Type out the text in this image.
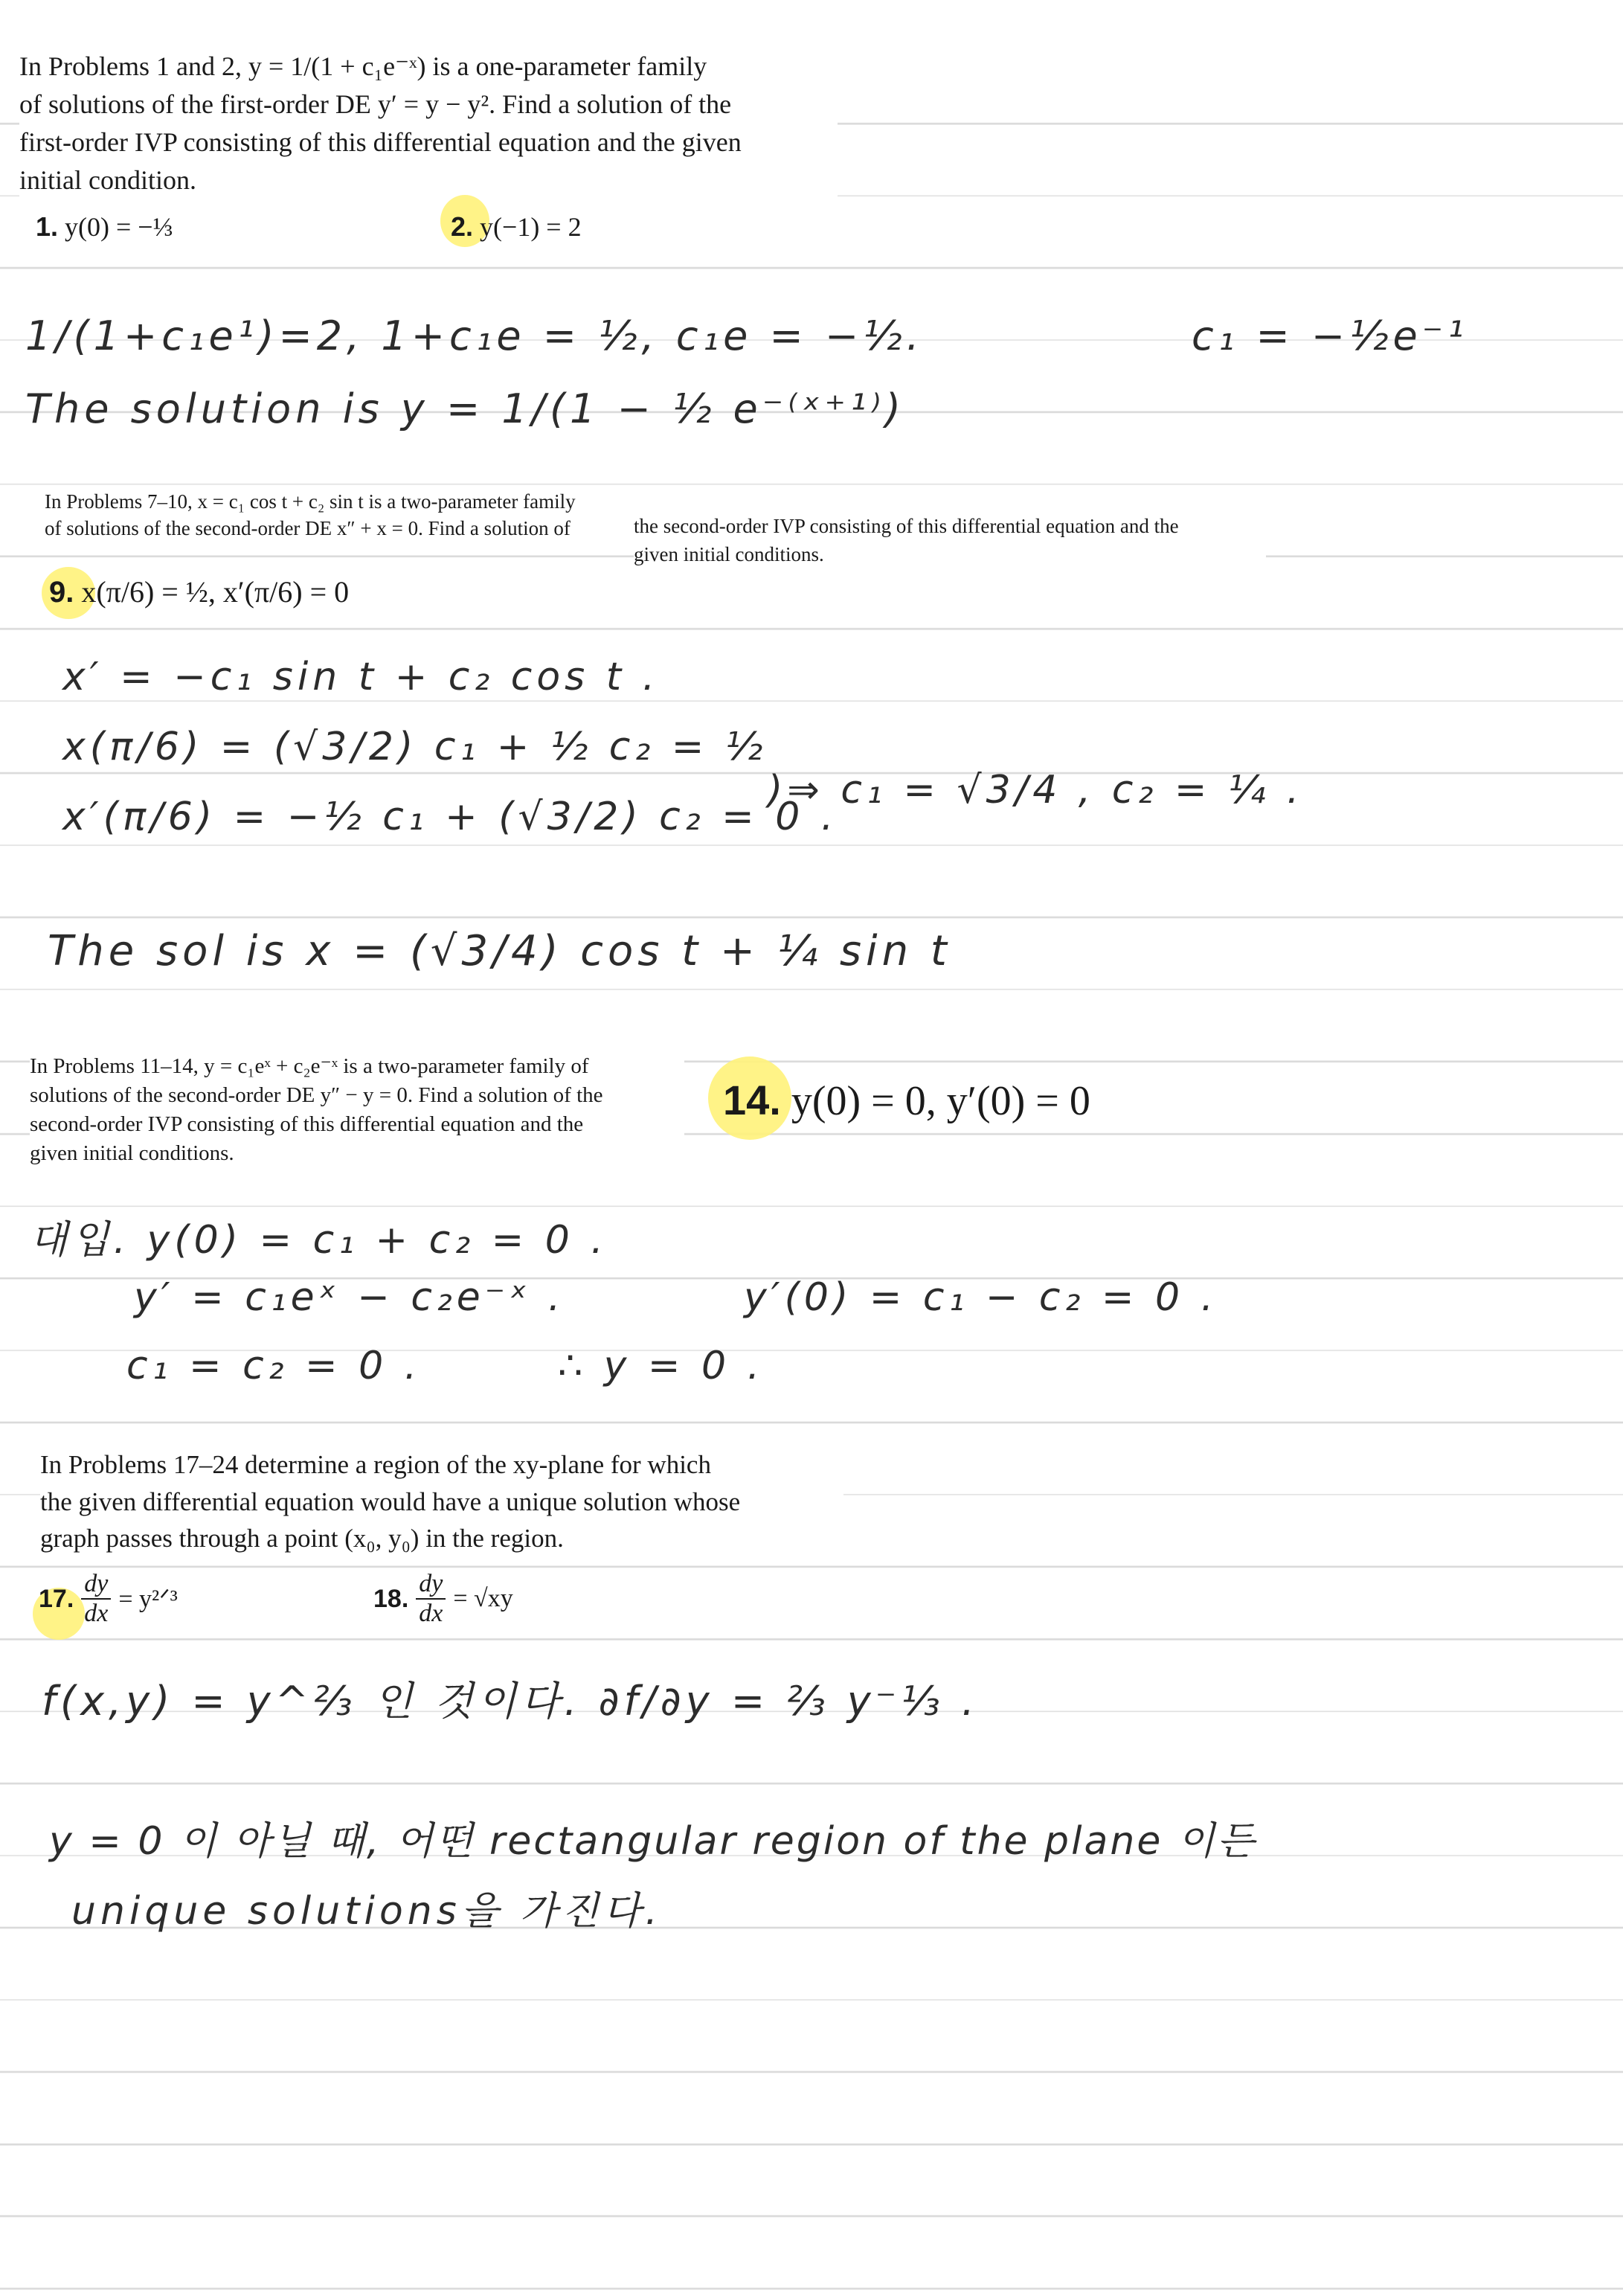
In Problems 1 and 2, y = 1/(1 + c₁e⁻ˣ) is a one-parameter family
of solutions of the first-order DE y′ = y − y². Find a solution of the
first-order IVP consisting of this differential equation and the given
initial condition.
1. y(0) = −⅓	2. y(−1) = 2
1/(1+c₁e¹)=2, 1+c₁e = ½, c₁e = −½.	c₁ = −½e⁻¹
The solution is y = 1/(1 − ½ e⁻⁽ˣ⁺¹⁾)
In Problems 7–10, x = c₁ cos t + c₂ sin t is a two-parameter family
of solutions of the second-order DE x″ + x = 0. Find a solution of	the second-order IVP consisting of this differential equation and the
given initial conditions.
9. x(π/6) = ½, x′(π/6) = 0
x′ = −c₁ sin t + c₂ cos t .
x(π/6) = (√3/2) c₁ + ½ c₂ = ½
x′(π/6) = −½ c₁ + (√3/2) c₂ = 0 .
)⇒ c₁ = √3/4 , c₂ = ¼ .
The sol is x = (√3/4) cos t + ¼ sin t
In Problems 11–14, y = c₁eˣ + c₂e⁻ˣ is a two-parameter family of
solutions of the second-order DE y″ − y = 0. Find a solution of the
second-order IVP consisting of this differential equation and the
given initial conditions.
14. y(0) = 0, y′(0) = 0
대입. y(0) = c₁ + c₂ = 0 .
y′ = c₁eˣ − c₂e⁻ˣ .	y′(0) = c₁ − c₂ = 0 .
c₁ = c₂ = 0 .	∴ y = 0 .
In Problems 17–24 determine a region of the xy-plane for which
the given differential equation would have a unique solution whose
graph passes through a point (x₀, y₀) in the region.
17. $\frac{dy}{dx}$ = y²ᐟ³	18. $\frac{dy}{dx} = √xy$
f(x,y) = y^⅔ 인 것이다. ∂f/∂y = ⅔ y⁻⅓ .
y = 0 이 아닐 때, 어떤 rectangular region of the plane 이든
unique solutions을 가진다.
